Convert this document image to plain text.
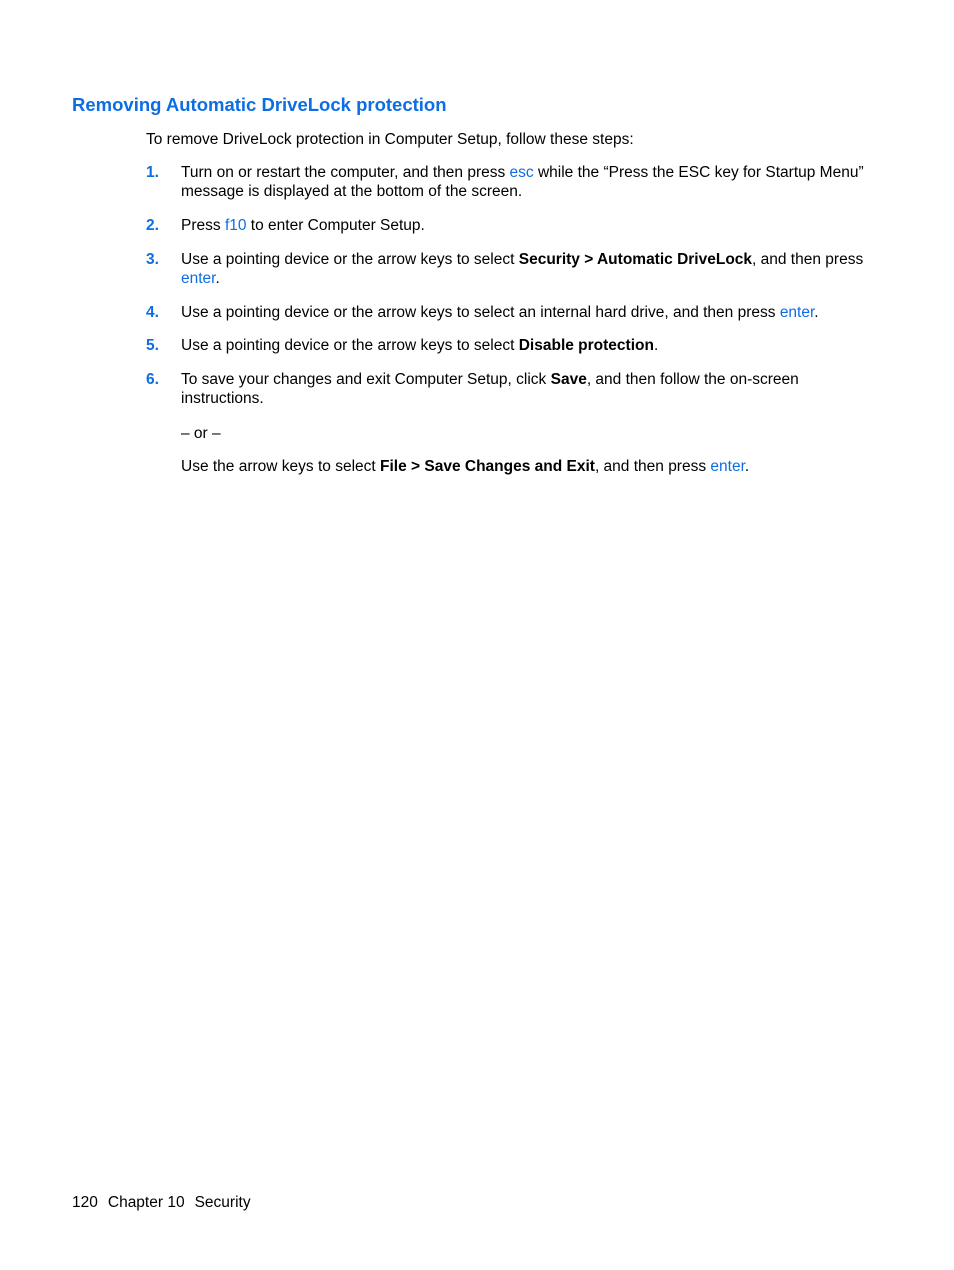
Removing Automatic DriveLock protection

To remove DriveLock protection in Computer Setup, follow these steps:

1. Turn on or restart the computer, and then press esc while the “Press the ESC key for Startup Menu” message is displayed at the bottom of the screen.
2. Press f10 to enter Computer Setup.
3. Use a pointing device or the arrow keys to select Security > Automatic DriveLock, and then press enter.
4. Use a pointing device or the arrow keys to select an internal hard drive, and then press enter.
5. Use a pointing device or the arrow keys to select Disable protection.
6. To save your changes and exit Computer Setup, click Save, and then follow the on-screen instructions.
– or –
Use the arrow keys to select File > Save Changes and Exit, and then press enter.
120 Chapter 10 Security
